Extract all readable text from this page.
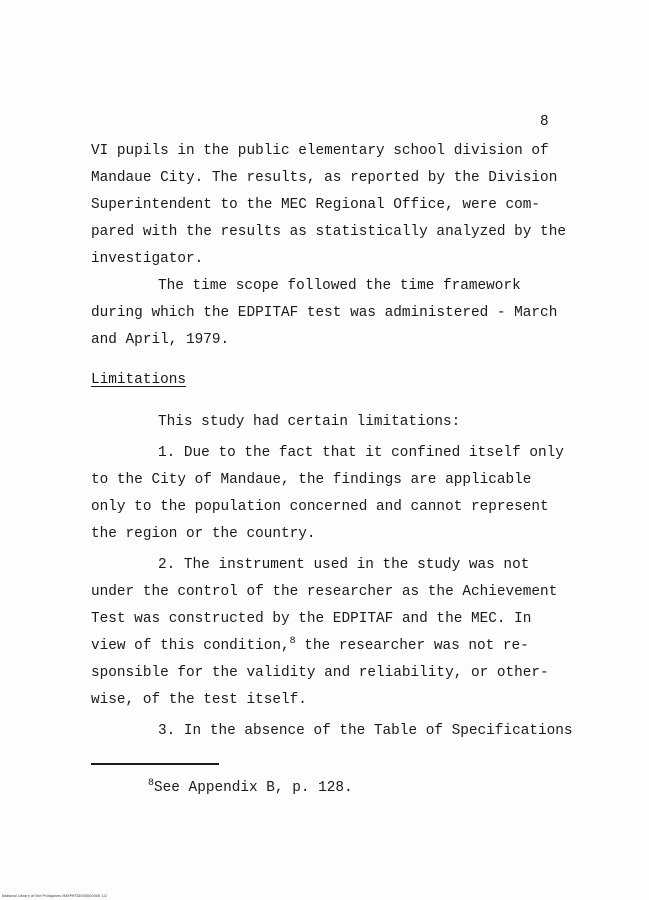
8
VI pupils in the public elementary school division of
Mandaue City. The results, as reported by the Division
Superintendent to the MEC Regional Office, were com-
pared with the results as statistically analyzed by the
investigator.
The time scope followed the time framework
during which the EDPITAF test was administered - March
and April, 1979.
Limitations
This study had certain limitations:
1. Due to the fact that it confined itself only
to the City of Mandaue, the findings are applicable
only to the population concerned and cannot represent
the region or the country.
2. The instrument used in the study was not
under the control of the researcher as the Achievement
Test was constructed by the EDPITAF and the MEC. In
view of this condition,$^8$ the researcher was not re-
sponsible for the validity and reliability, or other-
wise, of the test itself.
3. In the absence of the Table of Specifications
$^8$See Appendix B, p. 128.
National Library of the Philippines MAYPHTID000000000 1/2
